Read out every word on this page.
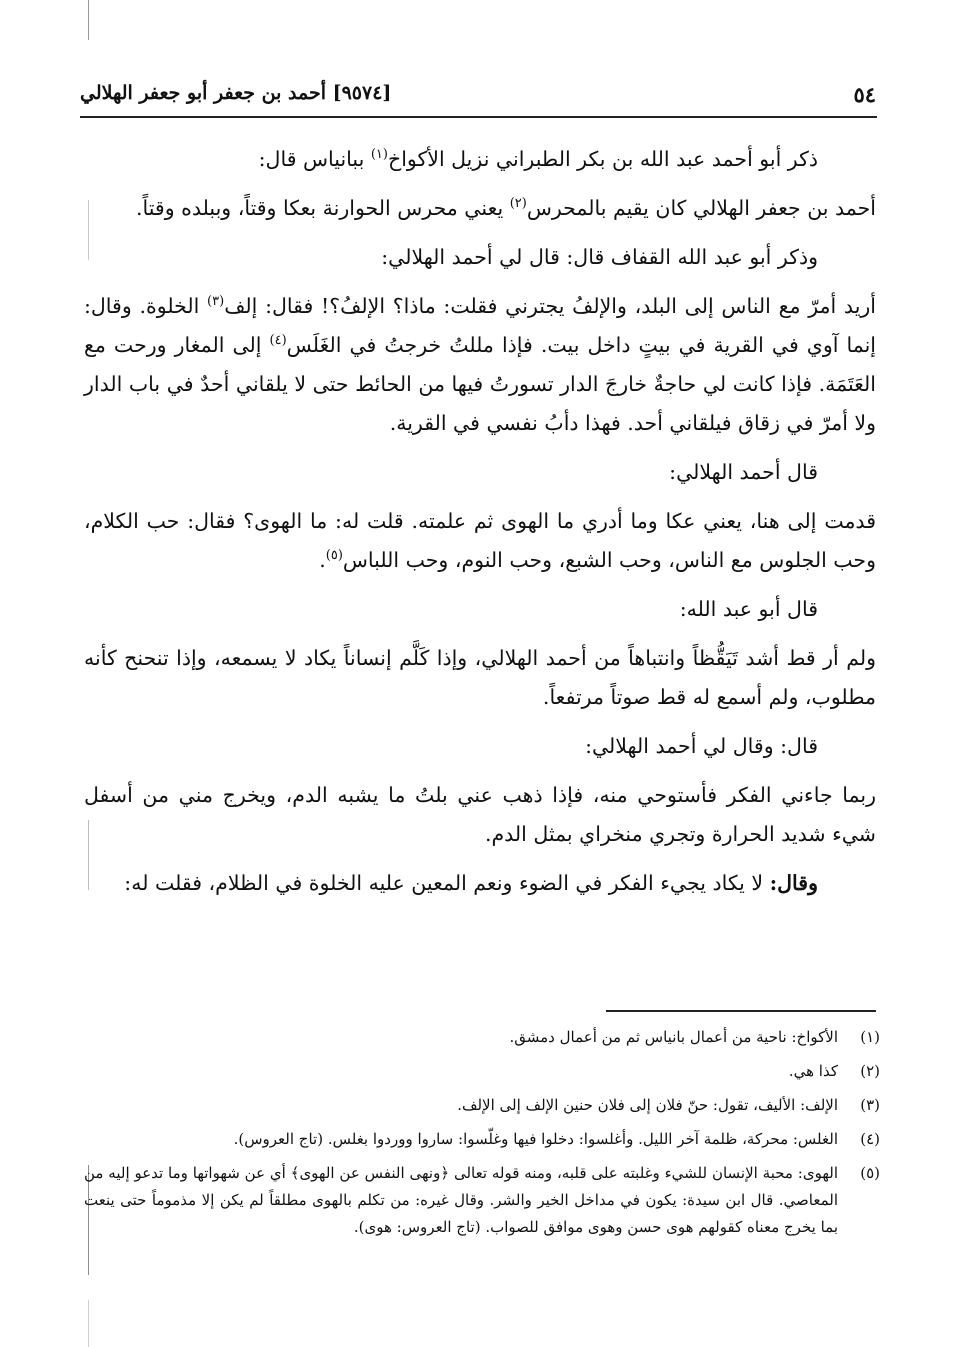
٥٤
[٩٥٧٤] أحمد بن جعفر أبو جعفر الهلالي

ذكر أبو أحمد عبد الله بن بكر الطبراني نزيل الأكواخ$^{(١)}$ ببانياس قال:

أحمد بن جعفر الهلالي كان يقيم بالمحرس$^{(٢)}$ يعني محرس الحوارنة بعكا وقتاً، وببلده وقتاً.

وذكر أبو عبد الله القفاف قال: قال لي أحمد الهلالي:

أريد أمرّ مع الناس إلى البلد، والإلفُ يجترني فقلت: ماذا؟ الإلفُ؟! فقال: إلف$^{(٣)}$ الخلوة. وقال: إنما آوي في القرية في بيتٍ داخل بيت. فإذا مللتُ خرجتُ في الغَلَس$^{(٤)}$ إلى المغار ورحت مع العَتَمَة. فإذا كانت لي حاجةٌ خارجَ الدار تسورتُ فيها من الحائط حتى لا يلقاني أحدٌ في باب الدار ولا أمرّ في زقاق فيلقاني أحد. فهذا دأبُ نفسي في القرية.

قال أحمد الهلالي:

قدمت إلى هنا، يعني عكا وما أدري ما الهوى ثم علمته. قلت له: ما الهوى؟ فقال: حب الكلام، وحب الجلوس مع الناس، وحب الشبع، وحب النوم، وحب اللباس$^{(٥)}$.

قال أبو عبد الله:

ولم أر قط أشد تَيَقُّظاً وانتباهاً من أحمد الهلالي، وإذا كَلَّم إنساناً يكاد لا يسمعه، وإذا تنحنح كأنه مطلوب، ولم أسمع له قط صوتاً مرتفعاً.

قال: وقال لي أحمد الهلالي:

ربما جاءني الفكر فأستوحي منه، فإذا ذهب عني بلتُ ما يشبه الدم، ويخرج مني من أسفل شيء شديد الحرارة وتجري منخراي بمثل الدم.

وقال: لا يكاد يجيء الفكر في الضوء ونعم المعين عليه الخلوة في الظلام، فقلت له:

(١)
الأكواخ: ناحية من أعمال بانياس ثم من أعمال دمشق.
(٢)
كذا هي.
(٣)
الإلف: الأليف، تقول: حنّ فلان إلى فلان حنين الإلف إلى الإلف.
(٤)
الغلس: محركة، ظلمة آخر الليل. وأغلسوا: دخلوا فيها وغلّسوا: ساروا ووردوا بغلس. (تاج العروس).
(٥)
الهوى: محبة الإنسان للشيء وغلبته على قلبه، ومنه قوله تعالى ﴿ونهى النفس عن الهوى﴾ أي عن شهواتها وما تدعو إليه من المعاصي. قال ابن سيدة: يكون في مداخل الخير والشر. وقال غيره: من تكلم بالهوى مطلقاً لم يكن إلا مذموماً حتى ينعت بما يخرج معناه كقولهم هوى حسن وهوى موافق للصواب. (تاج العروس: هوى).
